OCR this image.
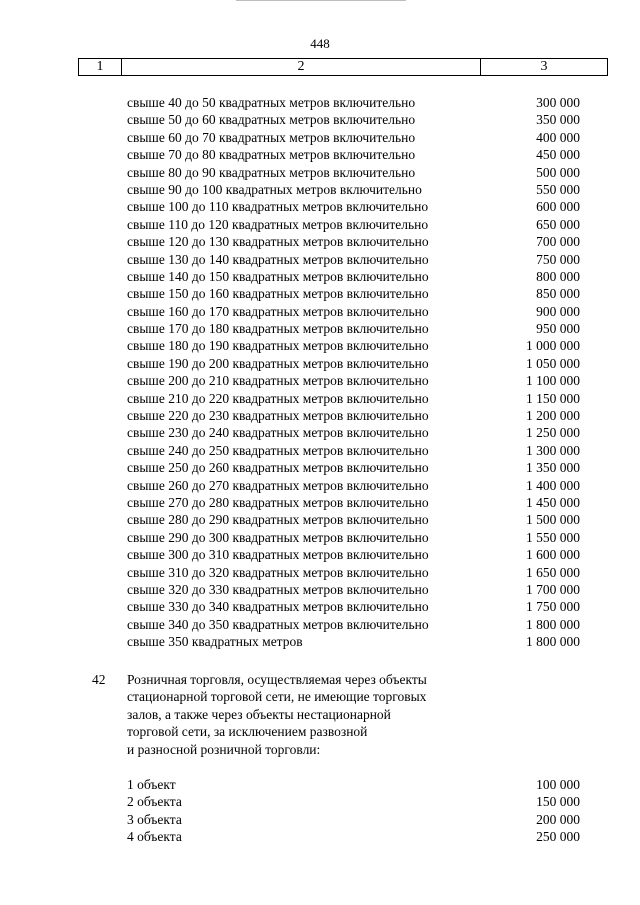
448
1	2	3
свыше 40 до 50 квадратных метров включительно	300 000
свыше 50 до 60 квадратных метров включительно	350 000
свыше 60 до 70 квадратных метров включительно	400 000
свыше 70 до 80 квадратных метров включительно	450 000
свыше 80 до 90 квадратных метров включительно	500 000
свыше 90 до 100 квадратных метров включительно	550 000
свыше 100 до 110 квадратных метров включительно	600 000
свыше 110 до 120 квадратных метров включительно	650 000
свыше 120 до 130 квадратных метров включительно	700 000
свыше 130 до 140 квадратных метров включительно	750 000
свыше 140 до 150 квадратных метров включительно	800 000
свыше 150 до 160 квадратных метров включительно	850 000
свыше 160 до 170 квадратных метров включительно	900 000
свыше 170 до 180 квадратных метров включительно	950 000
свыше 180 до 190 квадратных метров включительно	1 000 000
свыше 190 до 200 квадратных метров включительно	1 050 000
свыше 200 до 210 квадратных метров включительно	1 100 000
свыше 210 до 220 квадратных метров включительно	1 150 000
свыше 220 до 230 квадратных метров включительно	1 200 000
свыше 230 до 240 квадратных метров включительно	1 250 000
свыше 240 до 250 квадратных метров включительно	1 300 000
свыше 250 до 260 квадратных метров включительно	1 350 000
свыше 260 до 270 квадратных метров включительно	1 400 000
свыше 270 до 280 квадратных метров включительно	1 450 000
свыше 280 до 290 квадратных метров включительно	1 500 000
свыше 290 до 300 квадратных метров включительно	1 550 000
свыше 300 до 310 квадратных метров включительно	1 600 000
свыше 310 до 320 квадратных метров включительно	1 650 000
свыше 320 до 330 квадратных метров включительно	1 700 000
свыше 330 до 340 квадратных метров включительно	1 750 000
свыше 340 до 350 квадратных метров включительно	1 800 000
свыше 350 квадратных метров	1 800 000
42 Розничная торговля, осуществляемая через объекты
стационарной торговой сети, не имеющие торговых
залов, а также через объекты нестационарной
торговой сети, за исключением развозной
и разносной розничной торговли:
1 объект	100 000
2 объекта	150 000
3 объекта	200 000
4 объекта	250 000
